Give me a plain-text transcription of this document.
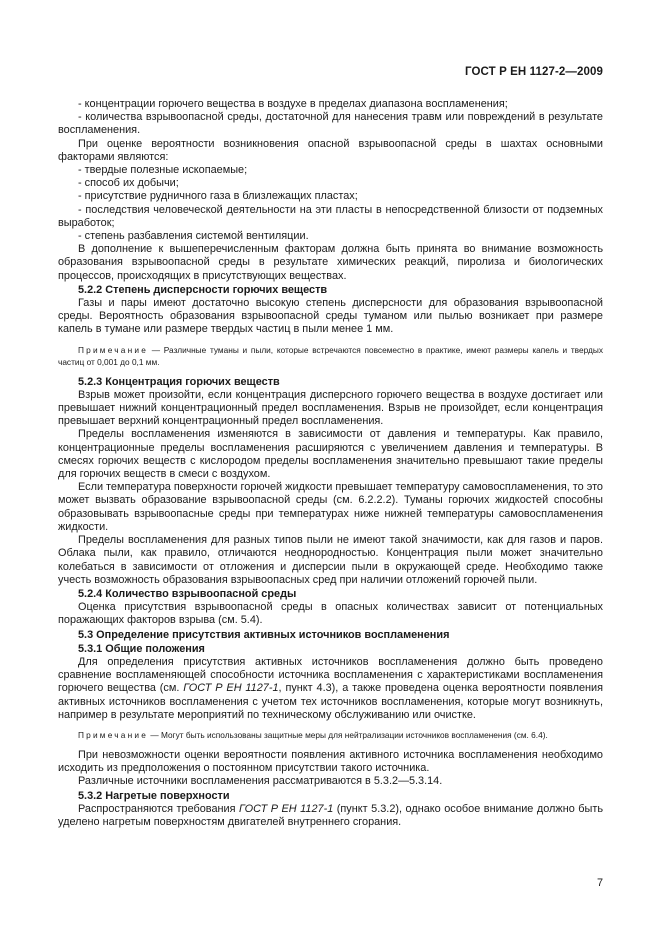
ГОСТ Р ЕН 1127-2—2009

- концентрации горючего вещества в воздухе в пределах диапазона воспламенения;

- количества взрывоопасной среды, достаточной для нанесения травм или повреждений в результате воспламенения.

При оценке вероятности возникновения опасной взрывоопасной среды в шахтах основными факторами являются:

- твердые полезные ископаемые;

- способ их добычи;

- присутствие рудничного газа в близлежащих пластах;

- последствия человеческой деятельности на эти пласты в непосредственной близости от подземных выработок;

- степень разбавления системой вентиляции.

В дополнение к вышеперечисленным факторам должна быть принята во внимание возможность образования взрывоопасной среды в результате химических реакций, пиролиза и биологических процессов, происходящих в присутствующих веществах.

5.2.2 Степень дисперсности горючих веществ

Газы и пары имеют достаточно высокую степень дисперсности для образования взрывоопасной среды. Вероятность образования взрывоопасной среды туманом или пылью возникает при размере капель в тумане или размере твердых частиц в пыли менее 1 мм.

Примечание — Различные туманы и пыли, которые встречаются повсеместно в практике, имеют размеры капель и твердых частиц от 0,001 до 0,1 мм.

5.2.3 Концентрация горючих веществ

Взрыв может произойти, если концентрация дисперсного горючего вещества в воздухе достигает или превышает нижний концентрационный предел воспламенения. Взрыв не произойдет, если концентрация превышает верхний концентрационный предел воспламенения.

Пределы воспламенения изменяются в зависимости от давления и температуры. Как правило, концентрационные пределы воспламенения расширяются с увеличением давления и температуры. В смесях горючих веществ с кислородом пределы воспламенения значительно превышают такие пределы для горючих веществ в смеси с воздухом.

Если температура поверхности горючей жидкости превышает температуру самовоспламенения, то это может вызвать образование взрывоопасной среды (см. 6.2.2.2). Туманы горючих жидкостей способны образовывать взрывоопасные среды при температурах ниже нижней температуры самовоспламенения жидкости.

Пределы воспламенения для разных типов пыли не имеют такой значимости, как для газов и паров. Облака пыли, как правило, отличаются неоднородностью. Концентрация пыли может значительно колебаться в зависимости от отложения и дисперсии пыли в окружающей среде. Необходимо также учесть возможность образования взрывоопасных сред при наличии отложений горючей пыли.

5.2.4 Количество взрывоопасной среды

Оценка присутствия взрывоопасной среды в опасных количествах зависит от потенциальных поражающих факторов взрыва (см. 5.4).

5.3 Определение присутствия активных источников воспламенения

5.3.1 Общие положения

Для определения присутствия активных источников воспламенения должно быть проведено сравнение воспламеняющей способности источника воспламенения с характеристиками воспламенения горючего вещества (см. ГОСТ Р ЕН 1127-1, пункт 4.3), а также проведена оценка вероятности появления активных источников воспламенения с учетом тех источников воспламенения, которые могут возникнуть, например в результате мероприятий по техническому обслуживанию или очистке.

Примечание — Могут быть использованы защитные меры для нейтрализации источников воспламенения (см. 6.4).

При невозможности оценки вероятности появления активного источника воспламенения необходимо исходить из предположения о постоянном присутствии такого источника.

Различные источники воспламенения рассматриваются в 5.3.2—5.3.14.

5.3.2 Нагретые поверхности

Распространяются требования ГОСТ Р ЕН 1127-1 (пункт 5.3.2), однако особое внимание должно быть уделено нагретым поверхностям двигателей внутреннего сгорания.

7
